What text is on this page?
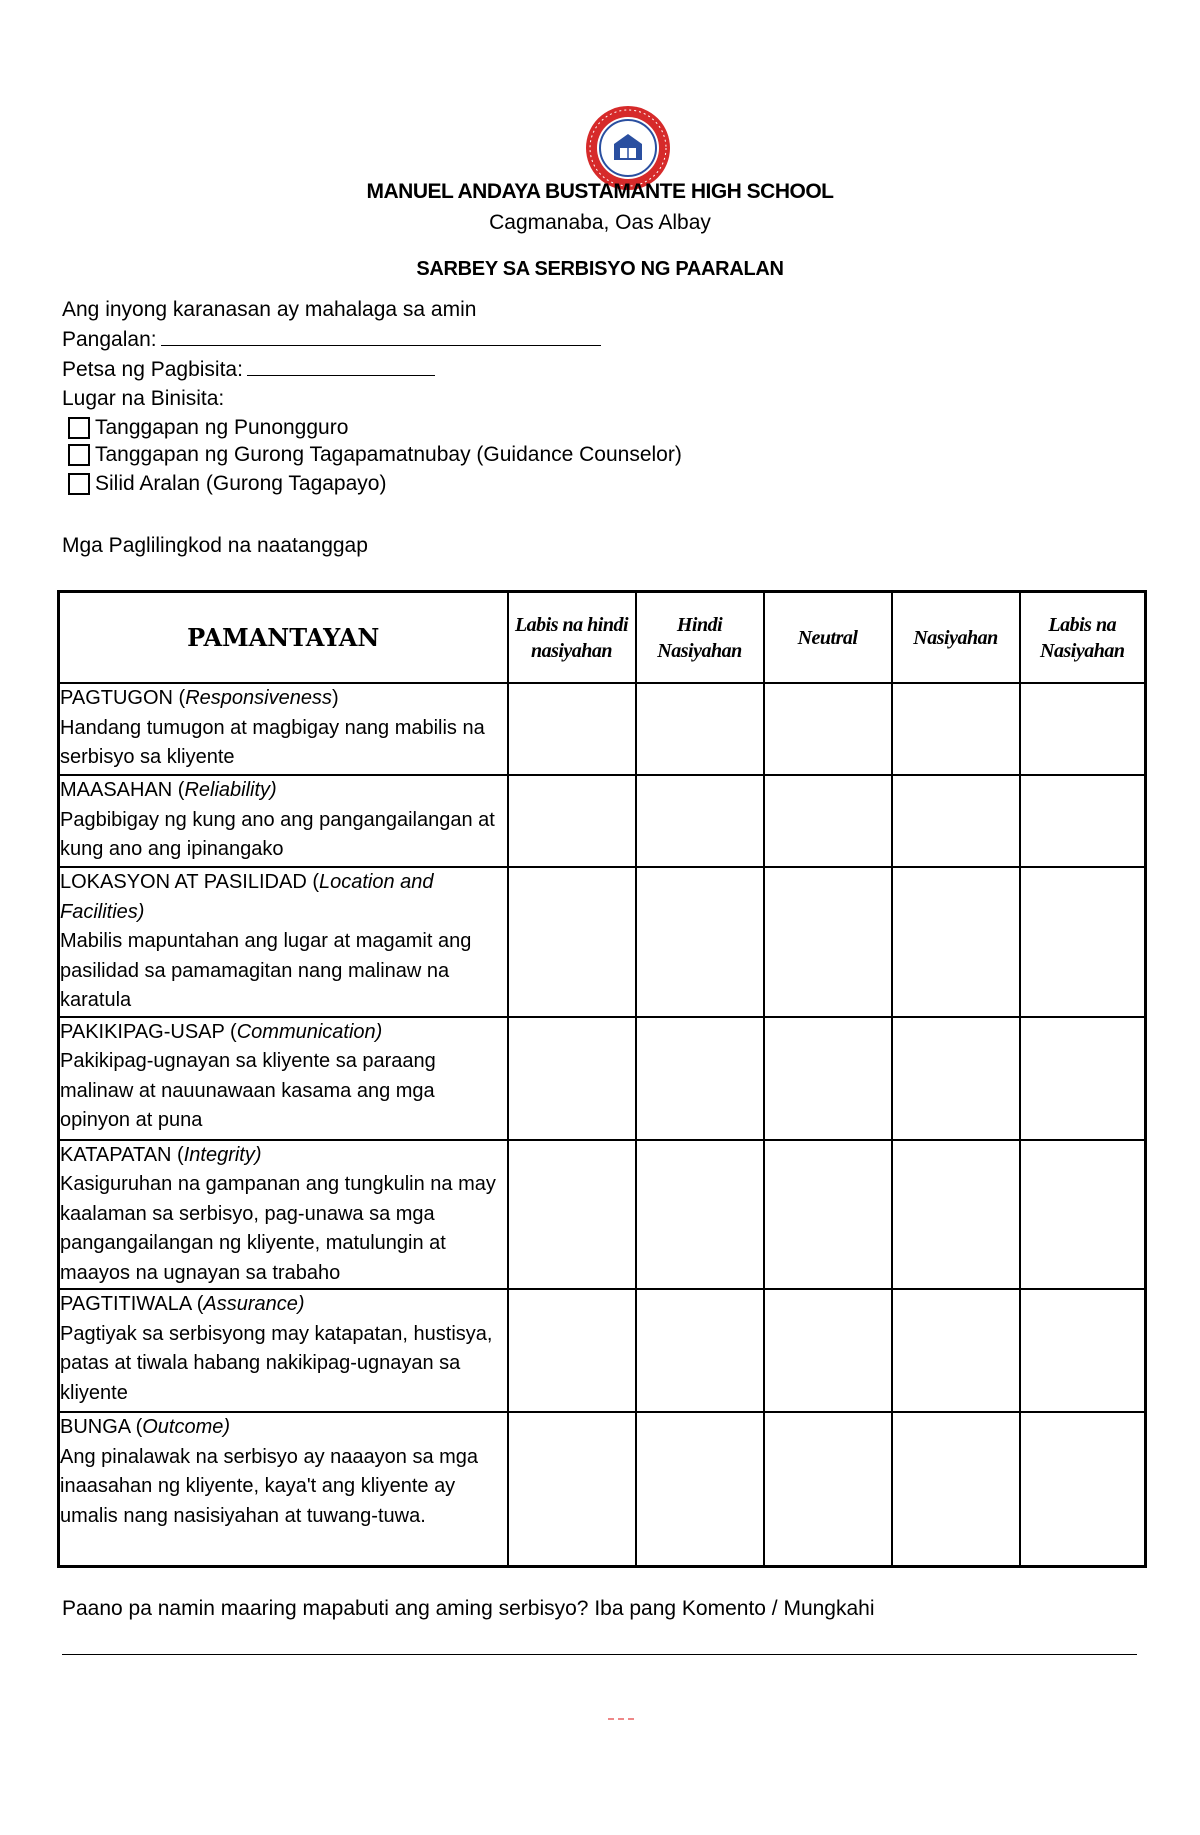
MANUEL ANDAYA BUSTAMANTE HIGH SCHOOL
Cagmanaba, Oas Albay
SARBEY SA SERBISYO NG PAARALAN
Ang inyong karanasan ay mahalaga sa amin
Pangalan:
Petsa ng Pagbisita:
Lugar na Binisita:
Tanggapan ng Punongguro
Tanggapan ng Gurong Tagapamatnubay (Guidance Counselor)
Silid Aralan (Gurong Tagapayo)
Mga Paglilingkod na naatanggap
PAMANTAYAN	Labis na hindi nasiyahan	Hindi Nasiyahan	Neutral	Nasiyahan	Labis na Nasiyahan

PAGTUGON (Responsiveness)
Handang tumugon at magbigay nang mabilis na serbisyo sa kliyente					

MAASAHAN (Reliability)
Pagbibigay ng kung ano ang pangangailangan at kung ano ang ipinangako					

LOKASYON AT PASILIDAD (Location and Facilities)
Mabilis mapuntahan ang lugar at magamit ang pasilidad sa pamamagitan nang malinaw na karatula					

PAKIKIPAG-USAP (Communication)
Pakikipag-ugnayan sa kliyente sa paraang malinaw at nauunawaan kasama ang mga opinyon at puna					

KATAPATAN (Integrity)
Kasiguruhan na gampanan ang tungkulin na may kaalaman sa serbisyo, pag-unawa sa mga pangangailangan ng kliyente, matulungin at maayos na ugnayan sa trabaho					

PAGTITIWALA (Assurance)
Pagtiyak sa serbisyong may katapatan, hustisya, patas at tiwala habang nakikipag-ugnayan sa kliyente					

BUNGA (Outcome)
Ang pinalawak na serbisyo ay naaayon sa mga inaasahan ng kliyente, kaya't ang kliyente ay umalis nang nasisiyahan at tuwang-tuwa.					

Paano pa namin maaring mapabuti ang aming serbisyo? Iba pang Komento / Mungkahi
